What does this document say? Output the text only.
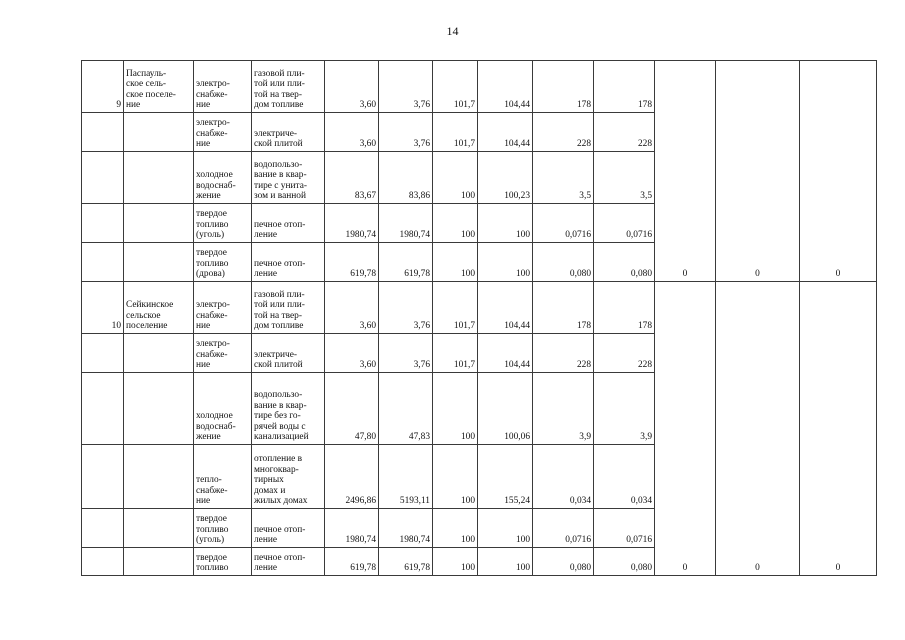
14
9	Паспауль-
ское сель-
ское поселе-
ние	электро-
снабже-
ние	газовой пли-
той или пли-
той на твер-
дом топливе	3,60	3,76	101,7	104,44	178	178	0	0	0
		электро-
снабже-
ние	электриче-
ской плитой	3,60	3,76	101,7	104,44	228	228			
		холодное
водоснаб-
жение	водопользо-
вание в квар-
тире с унита-
зом и ванной	83,67	83,86	100	100,23	3,5	3,5			
		твердое
топливо
(уголь)	печное отоп-
ление	1980,74	1980,74	100	100	0,0716	0,0716			
		твердое
топливо
(дрова)	печное отоп-
ление	619,78	619,78	100	100	0,080	0,080			
10	Сейкинское
сельское
поселение	электро-
снабже-
ние	газовой пли-
той или пли-
той на твер-
дом топливе	3,60	3,76	101,7	104,44	178	178	0	0	0
		электро-
снабже-
ние	электриче-
ской плитой	3,60	3,76	101,7	104,44	228	228			
		холодное
водоснаб-
жение	водопользо-
вание в квар-
тире без го-
рячей воды с
канализацией	47,80	47,83	100	100,06	3,9	3,9			
		тепло-
снабже-
ние	отопление в
многоквар-
тирных
домах и
жилых домах	2496,86	5193,11	100	155,24	0,034	0,034			
		твердое
топливо
(уголь)	печное отоп-
ление	1980,74	1980,74	100	100	0,0716	0,0716			
		твердое
топливо	печное отоп-
ление	619,78	619,78	100	100	0,080	0,080			
